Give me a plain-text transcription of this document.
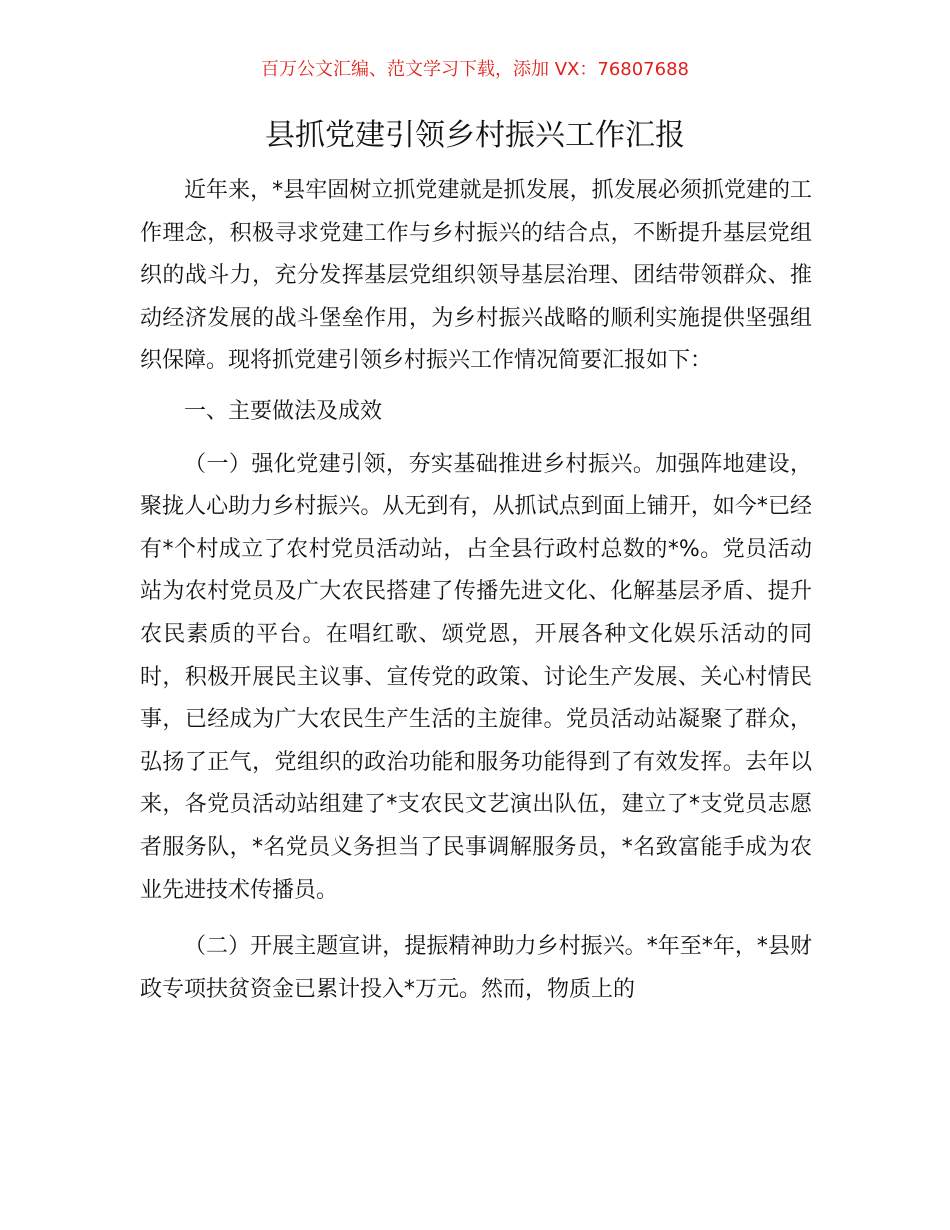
百万公文汇编、范文学习下载，添加 VX：76807688
县抓党建引领乡村振兴工作汇报

近年来，*县牢固树立抓党建就是抓发展，抓发展必须抓党建的工作理念，积极寻求党建工作与乡村振兴的结合点，不断提升基层党组织的战斗力，充分发挥基层党组织领导基层治理、团结带领群众、推动经济发展的战斗堡垒作用，为乡村振兴战略的顺利实施提供坚强组织保障。现将抓党建引领乡村振兴工作情况简要汇报如下：

一、主要做法及成效

（一）强化党建引领，夯实基础推进乡村振兴。加强阵地建设，聚拢人心助力乡村振兴。从无到有，从抓试点到面上铺开，如今*已经有*个村成立了农村党员活动站，占全县行政村总数的*%。党员活动站为农村党员及广大农民搭建了传播先进文化、化解基层矛盾、提升农民素质的平台。在唱红歌、颂党恩，开展各种文化娱乐活动的同时，积极开展民主议事、宣传党的政策、讨论生产发展、关心村情民事，已经成为广大农民生产生活的主旋律。党员活动站凝聚了群众，弘扬了正气，党组织的政治功能和服务功能得到了有效发挥。去年以来，各党员活动站组建了*支农民文艺演出队伍，建立了*支党员志愿者服务队，*名党员义务担当了民事调解服务员，*名致富能手成为农业先进技术传播员。

（二）开展主题宣讲，提振精神助力乡村振兴。*年至*年，*县财政专项扶贫资金已累计投入*万元。然而，物质上的
